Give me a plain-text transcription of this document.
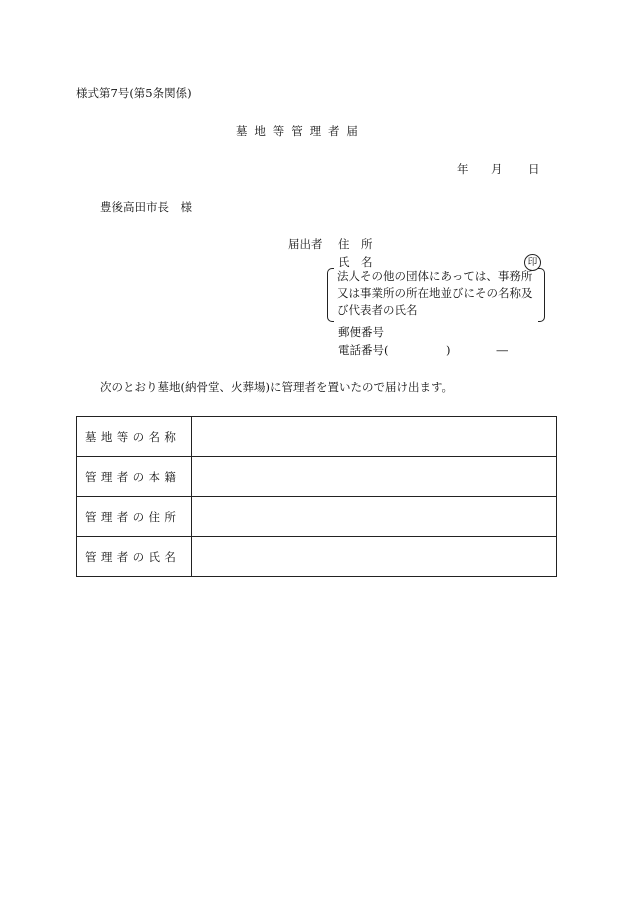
様式第7号(第5条関係)
墓地等管理者届
年 月 日
豊後高田市長　様
届出者 住　所
氏　名	印
法人その他の団体にあっては、事務所
又は事業所の所在地並びにその名称及
び代表者の氏名
郵便番号
電話番号(　　　　　)　　　　―
次のとおり墓地(納骨堂、火葬場)に管理者を置いたので届け出ます。
墓地等の名称	
管理者の本籍	
管理者の住所	
管理者の氏名	
